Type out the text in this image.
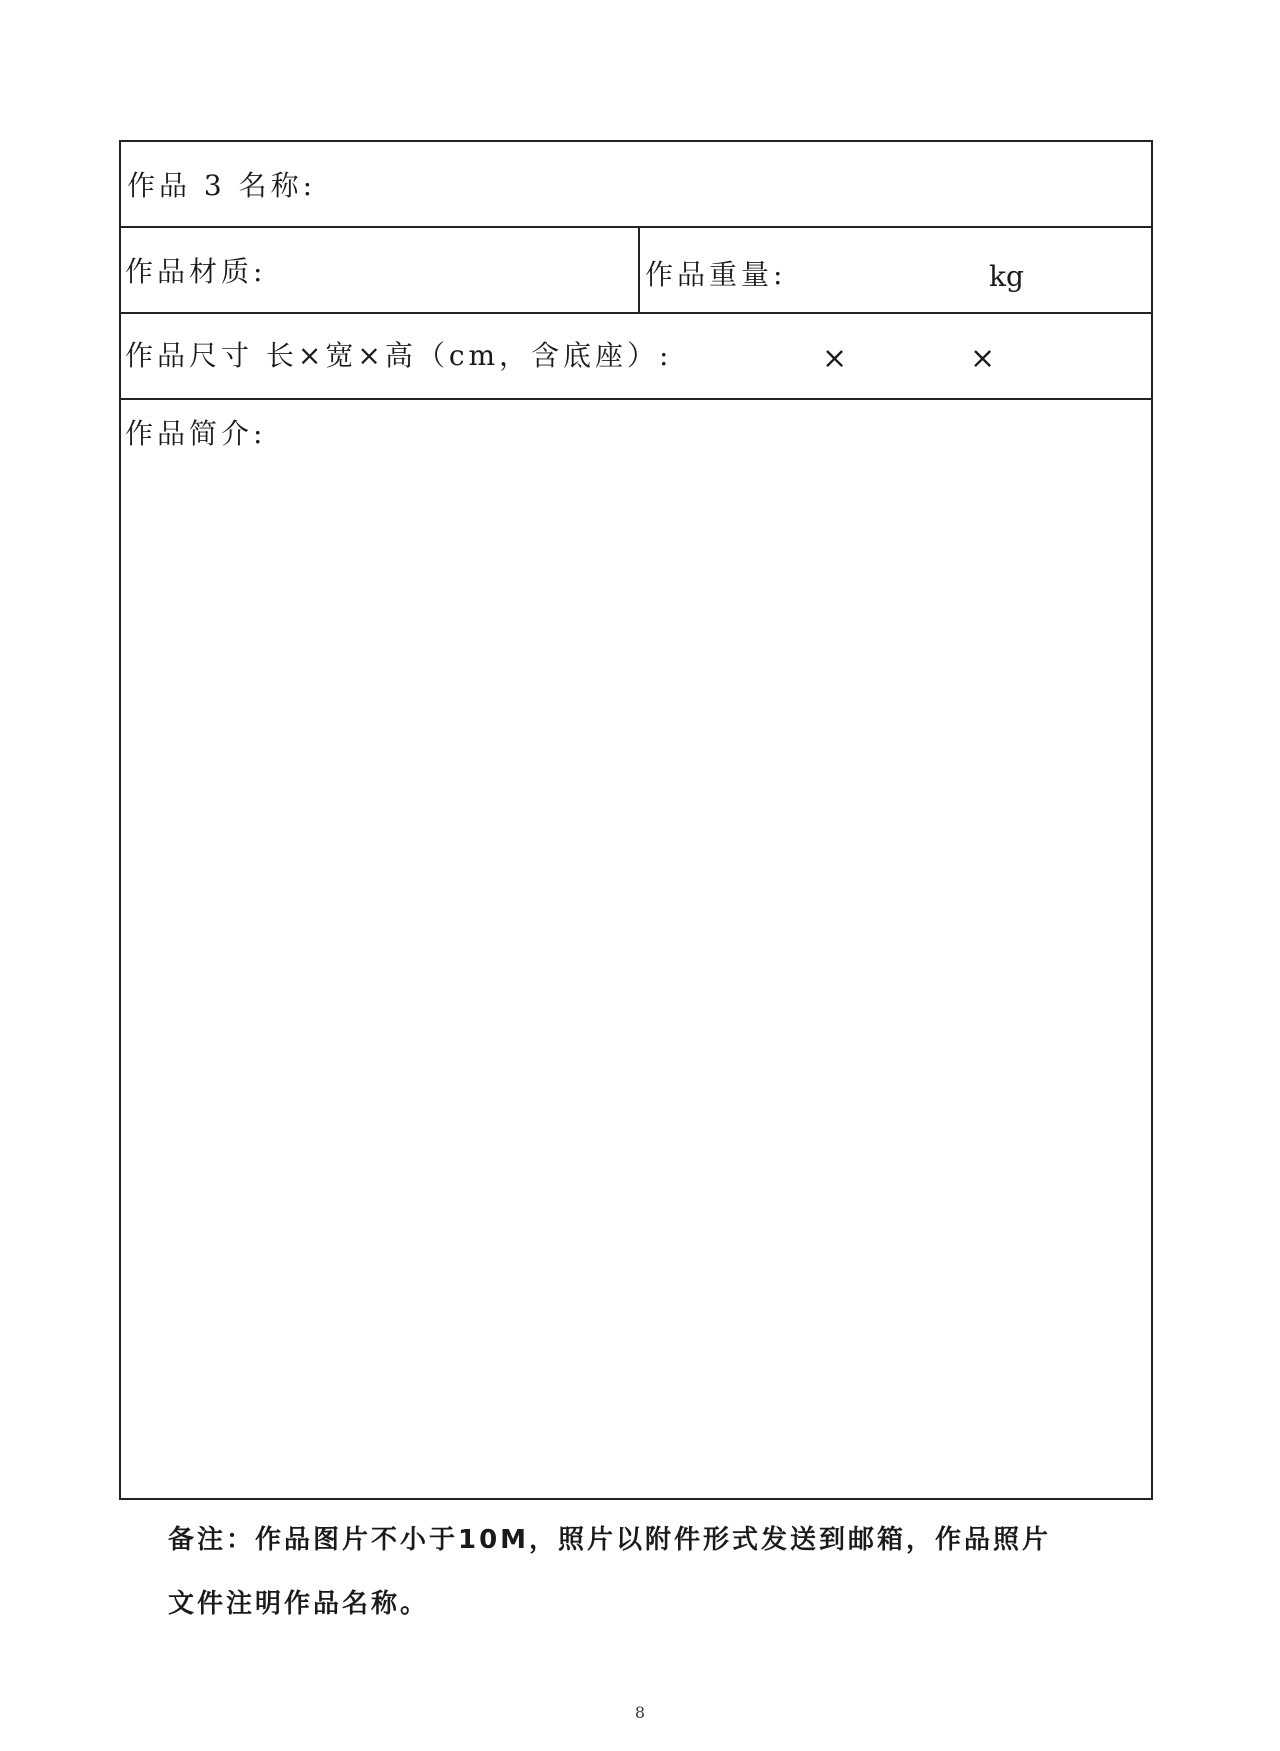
作品 3 名称:
作品材质:	作品重量:	kg
作品尺寸 长×宽×高（cm，含底座）:	×	×
作品简介:
备注：作品图片不小于10M，照片以附件形式发送到邮箱，作品照片
文件注明作品名称。
8
